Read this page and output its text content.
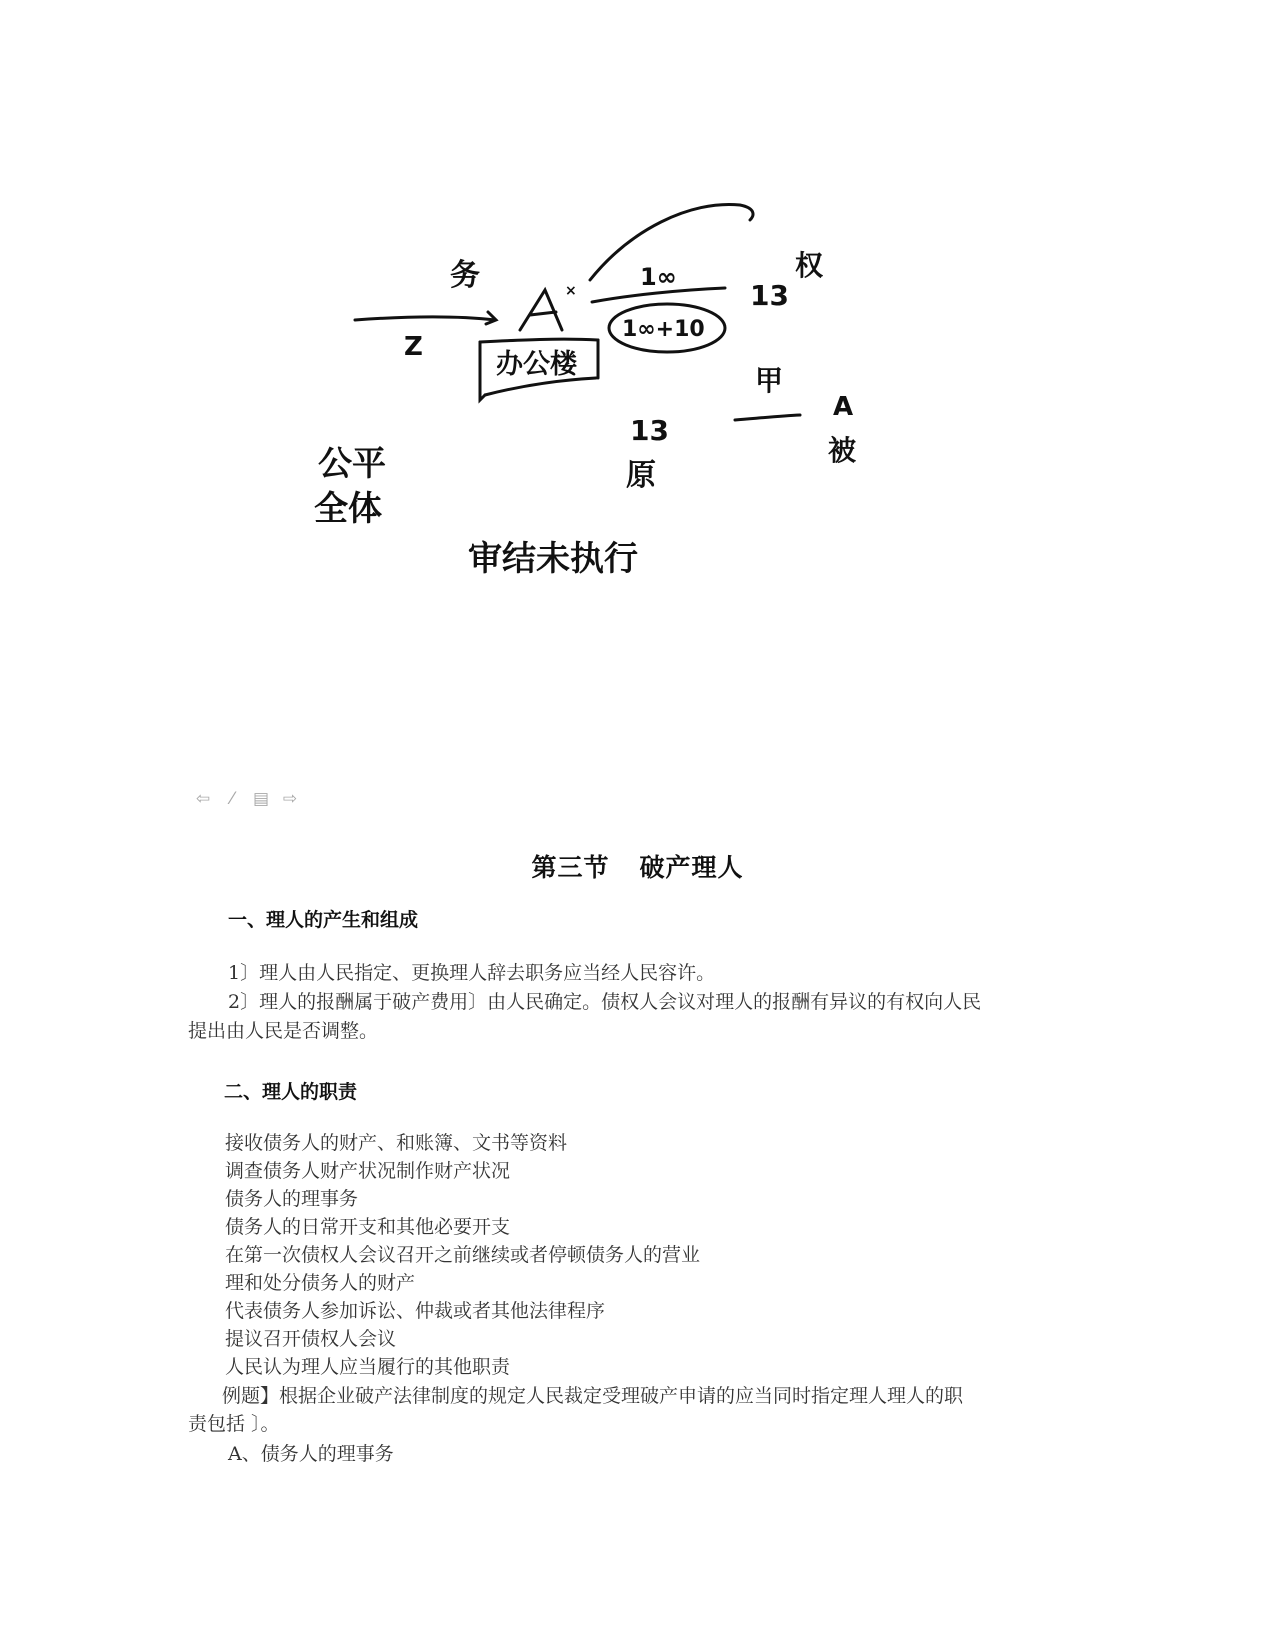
务	×	1∞
13
权
Z
办公楼
1∞+10
甲
A
被
13
原
公平
全体
审结未执行
⇦	⁄	▤ ⇨
第三节 破产理人
一、理人的产生和组成
1〕理人由人民指定、更换理人辞去职务应当经人民容许。
2〕理人的报酬属于破产费用〕由人民确定。债权人会议对理人的报酬有异议的有权向人民
提出由人民是否调整。
二、理人的职责
接收债务人的财产、和账簿、文书等资料
调查债务人财产状况制作财产状况
债务人的理事务
债务人的日常开支和其他必要开支
在第一次债权人会议召开之前继续或者停顿债务人的营业
理和处分债务人的财产
代表债务人参加诉讼、仲裁或者其他法律程序
提议召开债权人会议
人民认为理人应当履行的其他职责
例题】根据企业破产法律制度的规定人民裁定受理破产申请的应当同时指定理人理人的职
责包括 〕。
A、债务人的理事务
